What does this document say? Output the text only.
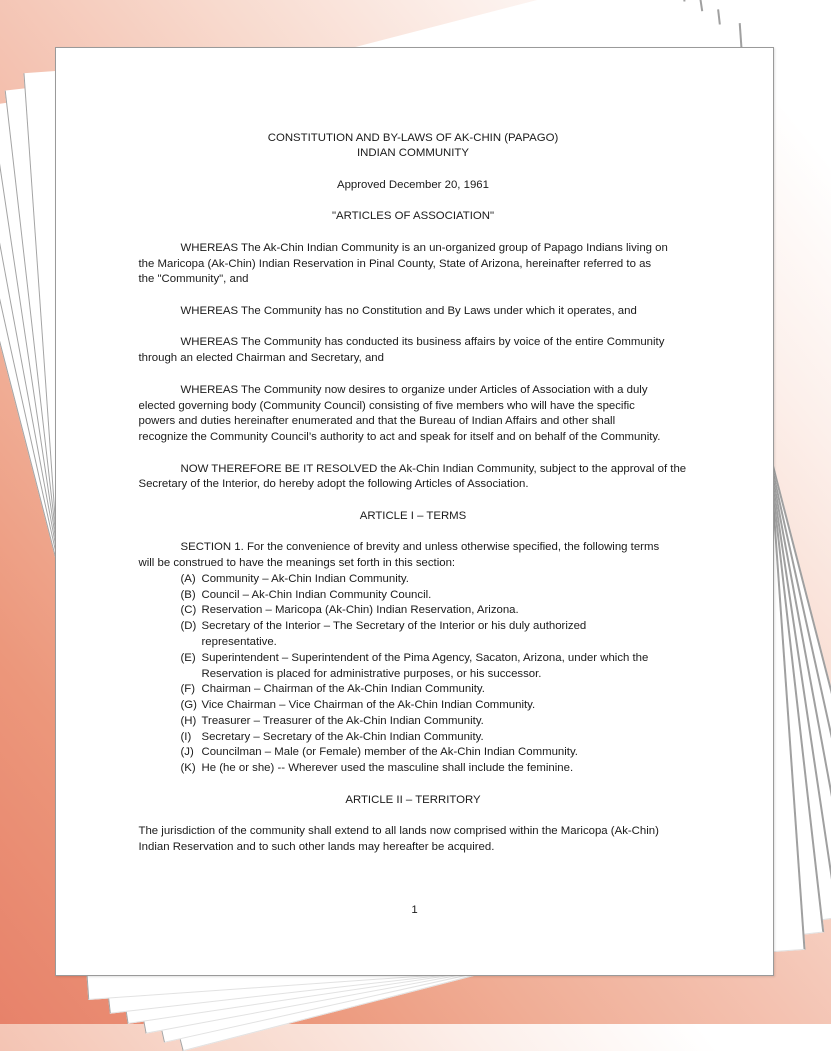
CONSTITUTION AND BY-LAWS OF AK-CHIN (PAPAGO)
INDIAN COMMUNITY
Approved December 20, 1961
"ARTICLES OF ASSOCIATION"
WHEREAS The Ak-Chin Indian Community is an un-organized group of Papago Indians living on
the Maricopa (Ak-Chin) Indian Reservation in Pinal County, State of Arizona, hereinafter referred to as
the "Community", and
WHEREAS The Community has no Constitution and By Laws under which it operates, and
WHEREAS The Community has conducted its business affairs by voice of the entire Community
through an elected Chairman and Secretary, and
WHEREAS The Community now desires to organize under Articles of Association with a duly
elected governing body (Community Council) consisting of five members who will have the specific
powers and duties hereinafter enumerated and that the Bureau of Indian Affairs and other shall
recognize the Community Council’s authority to act and speak for itself and on behalf of the Community.
NOW THEREFORE BE IT RESOLVED the Ak-Chin Indian Community, subject to the approval of the
Secretary of the Interior, do hereby adopt the following Articles of Association.
ARTICLE I – TERMS
SECTION 1. For the convenience of brevity and unless otherwise specified, the following terms
will be construed to have the meanings set forth in this section:
(A) Community – Ak-Chin Indian Community.
(B) Council – Ak-Chin Indian Community Council.
(C) Reservation – Maricopa (Ak-Chin) Indian Reservation, Arizona.
(D) Secretary of the Interior – The Secretary of the Interior or his duly authorized
representative.
(E) Superintendent – Superintendent of the Pima Agency, Sacaton, Arizona, under which the
Reservation is placed for administrative purposes, or his successor.
(F) Chairman – Chairman of the Ak-Chin Indian Community.
(G) Vice Chairman – Vice Chairman of the Ak-Chin Indian Community.
(H) Treasurer – Treasurer of the Ak-Chin Indian Community.
(I) Secretary – Secretary of the Ak-Chin Indian Community.
(J) Councilman – Male (or Female) member of the Ak-Chin Indian Community.
(K) He (he or she) -- Wherever used the masculine shall include the feminine.
ARTICLE II – TERRITORY
The jurisdiction of the community shall extend to all lands now comprised within the Maricopa (Ak-Chin)
Indian Reservation and to such other lands may hereafter be acquired.
1
